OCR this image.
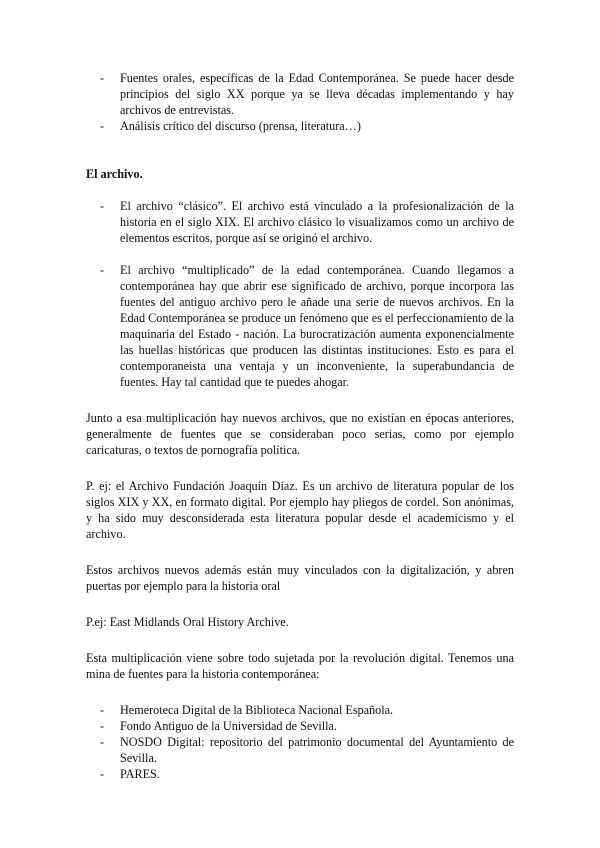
- Fuentes orales, específicas de la Edad Contemporánea. Se puede hacer desde principios del siglo XX porque ya se lleva décadas implementando y hay archivos de entrevistas.
- Análisis crítico del discurso (prensa, literatura…)

El archivo.

- El archivo “clásico”. El archivo está vinculado a la profesionalización de la historia en el siglo XIX. El archivo clásico lo visualizamos como un archivo de elementos escritos, porque así se originó el archivo.
- El archivo “multiplicado” de la edad contemporánea. Cuando llegamos a contemporánea hay que abrir ese significado de archivo, porque incorpora las fuentes del antiguo archivo pero le añade una serie de nuevos archivos. En la Edad Contemporánea se produce un fenómeno que es el perfeccionamiento de la maquinaria del Estado - nación. La burocratización aumenta exponencialmente las huellas históricas que producen las distintas instituciones. Esto es para el contemporaneista una ventaja y un inconveniente, la superabundancia de fuentes. Hay tal cantidad que te puedes ahogar.

Junto a esa multiplicación hay nuevos archivos, que no existían en épocas anteriores, generalmente de fuentes que se consideraban poco serias, como por ejemplo caricaturas, o textos de pornografía política.

P. ej: el Archivo Fundación Joaquín Díaz. Es un archivo de literatura popular de los siglos XIX y XX, en formato digital. Por ejemplo hay pliegos de cordel. Son anónimas, y ha sido muy desconsiderada esta literatura popular desde el academicismo y el archivo.

Estos archivos nuevos además están muy vinculados con la digitalización, y abren puertas por ejemplo para la historia oral

P.ej: East Midlands Oral History Archive.

Esta multiplicación viene sobre todo sujetada por la revolución digital. Tenemos una mina de fuentes para la historia contemporánea:

- Hemeroteca Digital de la Biblioteca Nacional Española.
- Fondo Antiguo de la Universidad de Sevilla.
- NOSDO Digital: repositorio del patrimonio documental del Ayuntamiento de Sevilla.
- PARES.
